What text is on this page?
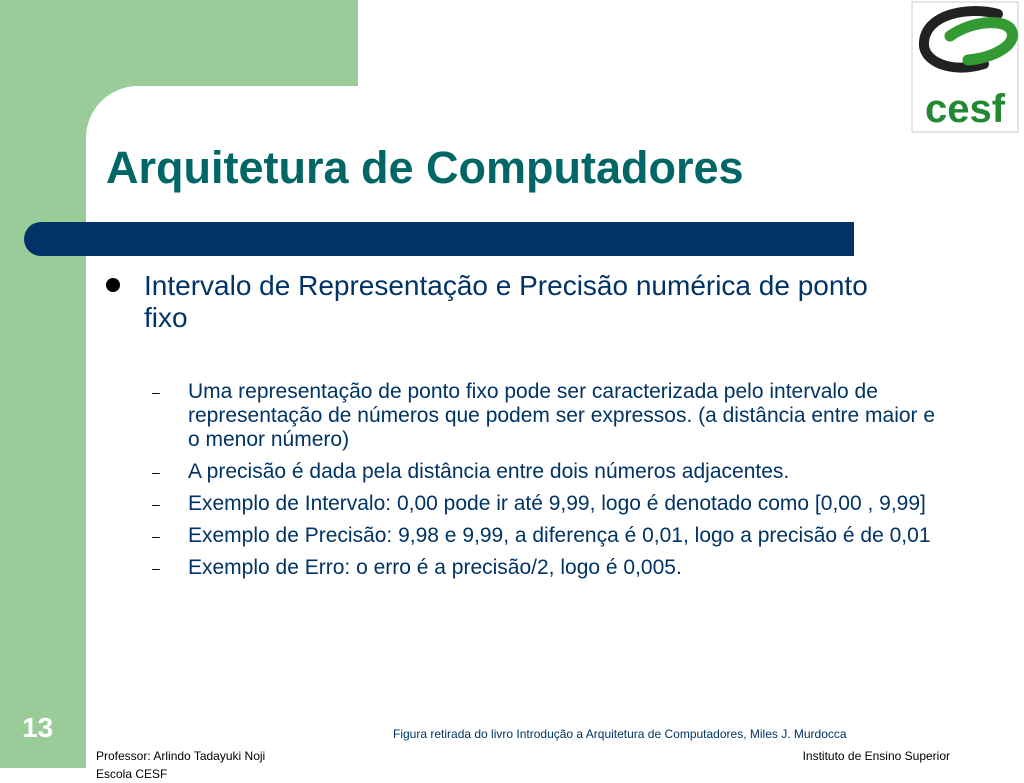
cesf
Arquitetura de Computadores
Intervalo de Representação e Precisão numérica de ponto fixo
– Uma representação de ponto fixo pode ser caracterizada pelo intervalo de representação de números que podem ser expressos. (a distância entre maior e o menor número)
– A precisão é dada pela distância entre dois números adjacentes.
– Exemplo de Intervalo: 0,00 pode ir até 9,99, logo é denotado como [0,00 , 9,99]
– Exemplo de Precisão: 9,98 e 9,99, a diferença é 0,01, logo a precisão é de 0,01
– Exemplo de Erro: o erro é a precisão/2, logo é 0,005.
13	Figura retirada do livro Introdução a Arquitetura de Computadores, Miles J. Murdocca
Professor: Arlindo Tadayuki Noji
Escola CESF
Instituto de Ensino Superior
